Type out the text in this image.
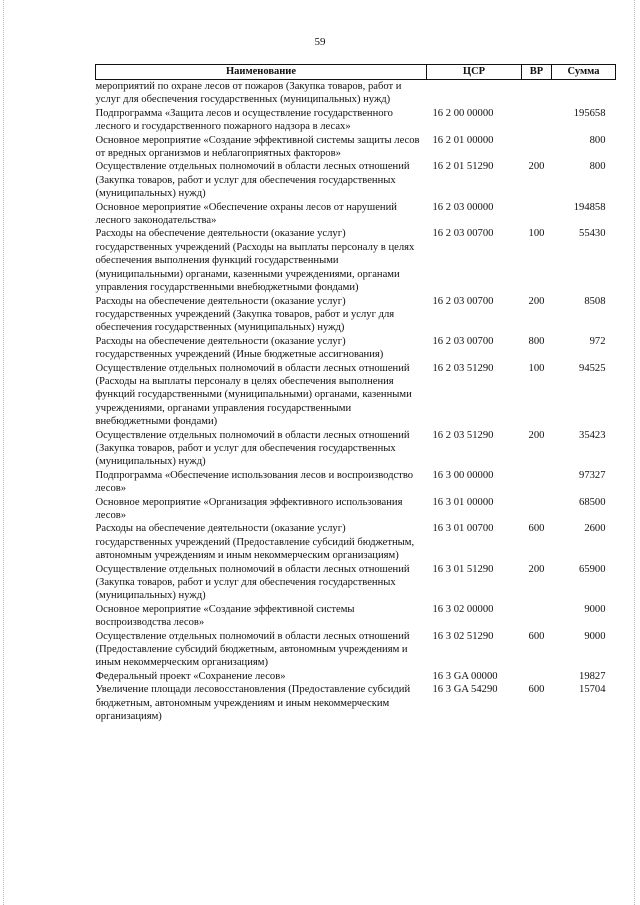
59
Наименование	ЦСР	ВР	Сумма
мероприятий по охране лесов от пожаров (Закупка товаров, работ и услуг для обеспечения государственных (муниципальных) нужд)			
Подпрограмма «Защита лесов и осуществление государственного лесного и государственного пожарного надзора в лесах»	16 2 00 00000		195658
Основное мероприятие «Создание эффективной системы защиты лесов от вредных организмов и неблагоприятных факторов»	16 2 01 00000		800
Осуществление отдельных полномочий в области лесных отношений (Закупка товаров, работ и услуг для обеспечения государственных (муниципальных) нужд)	16 2 01 51290	200	800
Основное мероприятие «Обеспечение охраны лесов от нарушений лесного законодательства»	16 2 03 00000		194858
Расходы на обеспечение деятельности (оказание услуг) государственных учреждений (Расходы на выплаты персоналу в целях обеспечения выполнения функций государственными (муниципальными) органами, казенными учреждениями, органами управления государственными внебюджетными фондами)	16 2 03 00700	100	55430
Расходы на обеспечение деятельности (оказание услуг) государственных учреждений (Закупка товаров, работ и услуг для обеспечения государственных (муниципальных) нужд)	16 2 03 00700	200	8508
Расходы на обеспечение деятельности (оказание услуг) государственных учреждений (Иные бюджетные ассигнования)	16 2 03 00700	800	972
Осуществление отдельных полномочий в области лесных отношений (Расходы на выплаты персоналу в целях обеспечения выполнения функций государственными (муниципальными) органами, казенными учреждениями, органами управления государственными внебюджетными фондами)	16 2 03 51290	100	94525
Осуществление отдельных полномочий в области лесных отношений (Закупка товаров, работ и услуг для обеспечения государственных (муниципальных) нужд)	16 2 03 51290	200	35423
Подпрограмма «Обеспечение использования лесов и воспроизводство лесов»	16 3 00 00000		97327
Основное мероприятие «Организация эффективного использования лесов»	16 3 01 00000		68500
Расходы на обеспечение деятельности (оказание услуг) государственных учреждений (Предоставление субсидий бюджетным, автономным учреждениям и иным некоммерческим организациям)	16 3 01 00700	600	2600
Осуществление отдельных полномочий в области лесных отношений (Закупка товаров, работ и услуг для обеспечения государственных (муниципальных) нужд)	16 3 01 51290	200	65900
Основное мероприятие «Создание эффективной системы воспроизводства лесов»	16 3 02 00000		9000
Осуществление отдельных полномочий в области лесных отношений (Предоставление субсидий бюджетным, автономным учреждениям и иным некоммерческим организациям)	16 3 02 51290	600	9000
Федеральный проект «Сохранение лесов»	16 3 GA 00000		19827
Увеличение площади лесовосстановления (Предоставление субсидий бюджетным, автономным учреждениям и иным некоммерческим организациям)	16 3 GA 54290	600	15704
